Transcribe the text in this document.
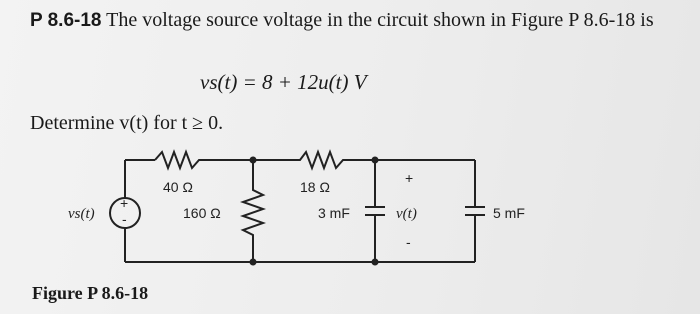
P 8.6-18 The voltage source voltage in the circuit shown in Figure P 8.6-18 is
vs(t) = 8 + 12u(t) V
Determine v(t) for t ≥ 0.
+
-
vs(t)
40 Ω
160 Ω
18 Ω
3 mF	5 mF
+
v(t)
-
Figure P 8.6-18
